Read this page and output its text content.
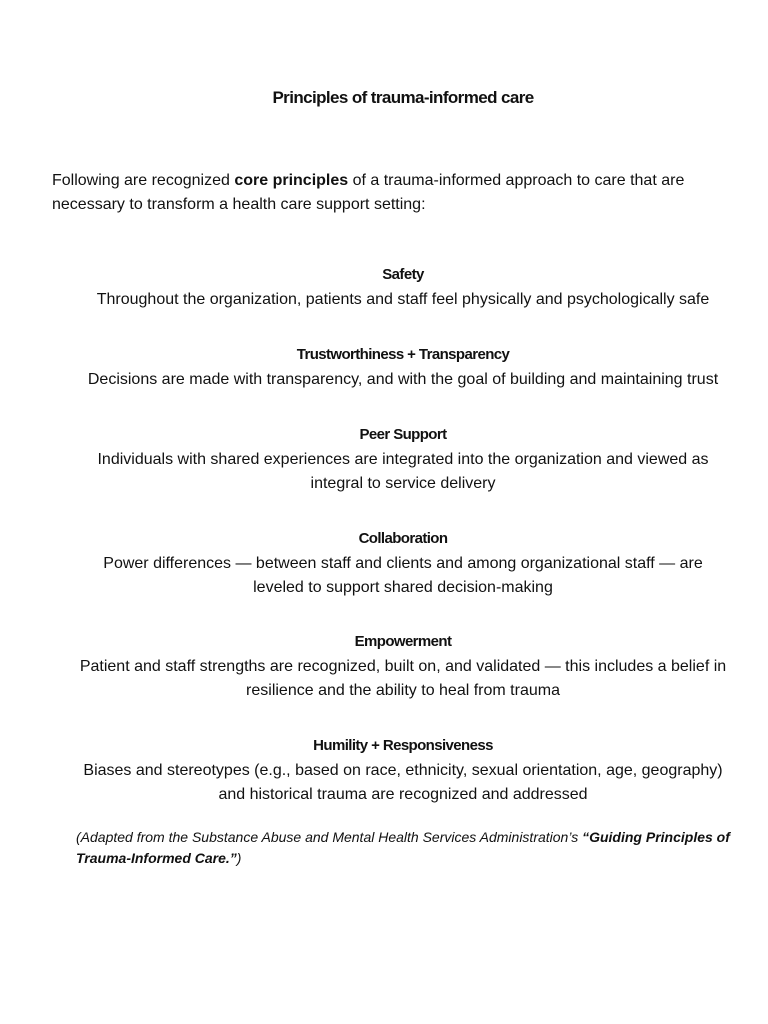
Principles of trauma-informed care

Following are recognized core principles of a trauma-informed approach to care that are necessary to transform a health care support setting:

Safety

Throughout the organization, patients and staff feel physically and psychologically safe

Trustworthiness + Transparency

Decisions are made with transparency, and with the goal of building and maintaining trust

Peer Support

Individuals with shared experiences are integrated into the organization and viewed as integral to service delivery

Collaboration

Power differences — between staff and clients and among organizational staff — are leveled to support shared decision-making

Empowerment

Patient and staff strengths are recognized, built on, and validated — this includes a belief in resilience and the ability to heal from trauma

Humility + Responsiveness

Biases and stereotypes (e.g., based on race, ethnicity, sexual orientation, age, geography) and historical trauma are recognized and addressed

(Adapted from the Substance Abuse and Mental Health Services Administration’s “Guiding Principles of Trauma-Informed Care.”)
